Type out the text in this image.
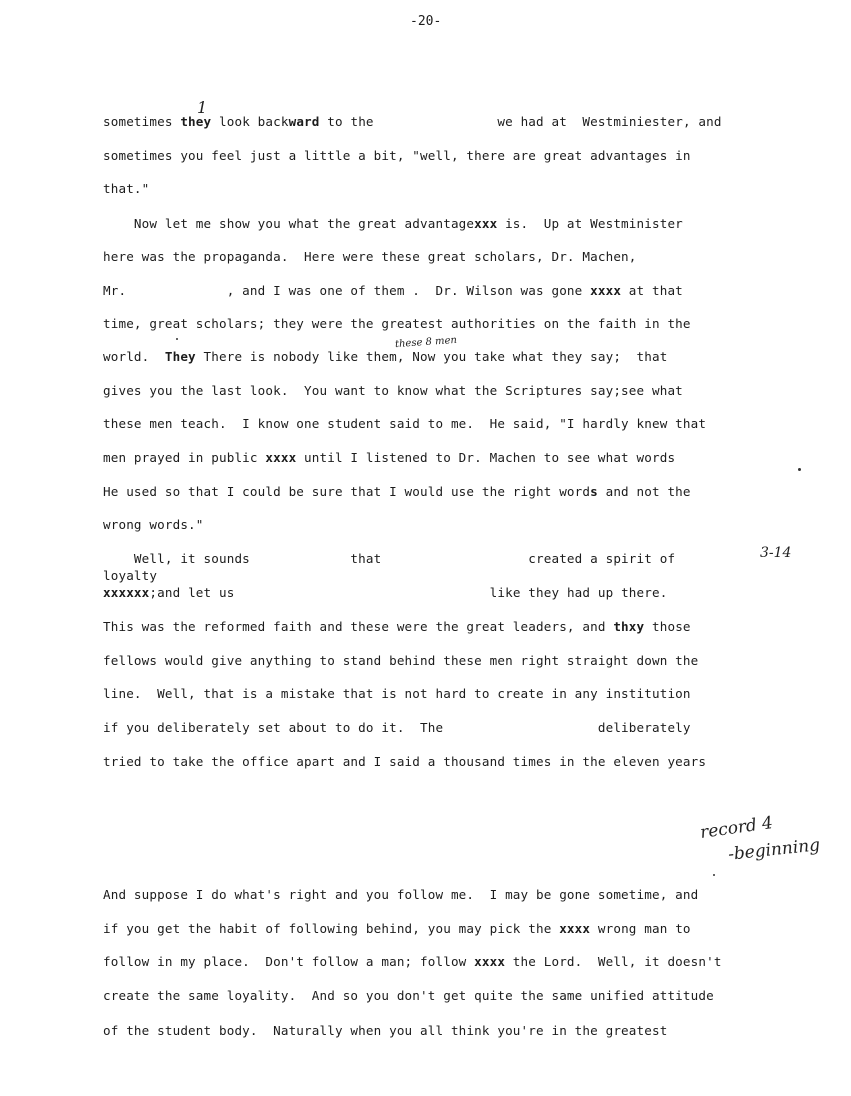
-20-
1
these 8 men
3-14
record 4
-beginning
sometimes they look backward to the                we had at  Westminiester, and
sometimes you feel just a little a bit, "well, there are great advantages in
that."
Now let me show you what the great advantagexxx is.  Up at Westminister
here was the propaganda.  Here were these great scholars, Dr. Machen,
Mr.             , and I was one of them .  Dr. Wilson was gone xxxx at that
time, great scholars; they were the greatest authorities on the faith in the
world.  They There is nobody like them, Now you take what they say;  that
gives you the last look.  You want to know what the Scriptures say;see what
these men teach.  I know one student said to me.  He said, "I hardly knew that
men prayed in public xxxx until I listened to Dr. Machen to see what words
He used so that I could be sure that I would use the right words and not the
wrong words."
Well, it sounds             that                   created a spirit of
loyalty
xxxxxx;and let us                                 like they had up there.
This was the reformed faith and these were the great leaders, and thxy those
fellows would give anything to stand behind these men right straight down the
line.  Well, that is a mistake that is not hard to create in any institution
if you deliberately set about to do it.  The                    deliberately
tried to take the office apart and I said a thousand times in the eleven years
And suppose I do what's right and you follow me.  I may be gone sometime, and
if you get the habit of following behind, you may pick the xxxx wrong man to
follow in my place.  Don't follow a man; follow xxxx the Lord.  Well, it doesn't
create the same loyality.  And so you don't get quite the same unified attitude
of the student body.  Naturally when you all think you're in the greatest
